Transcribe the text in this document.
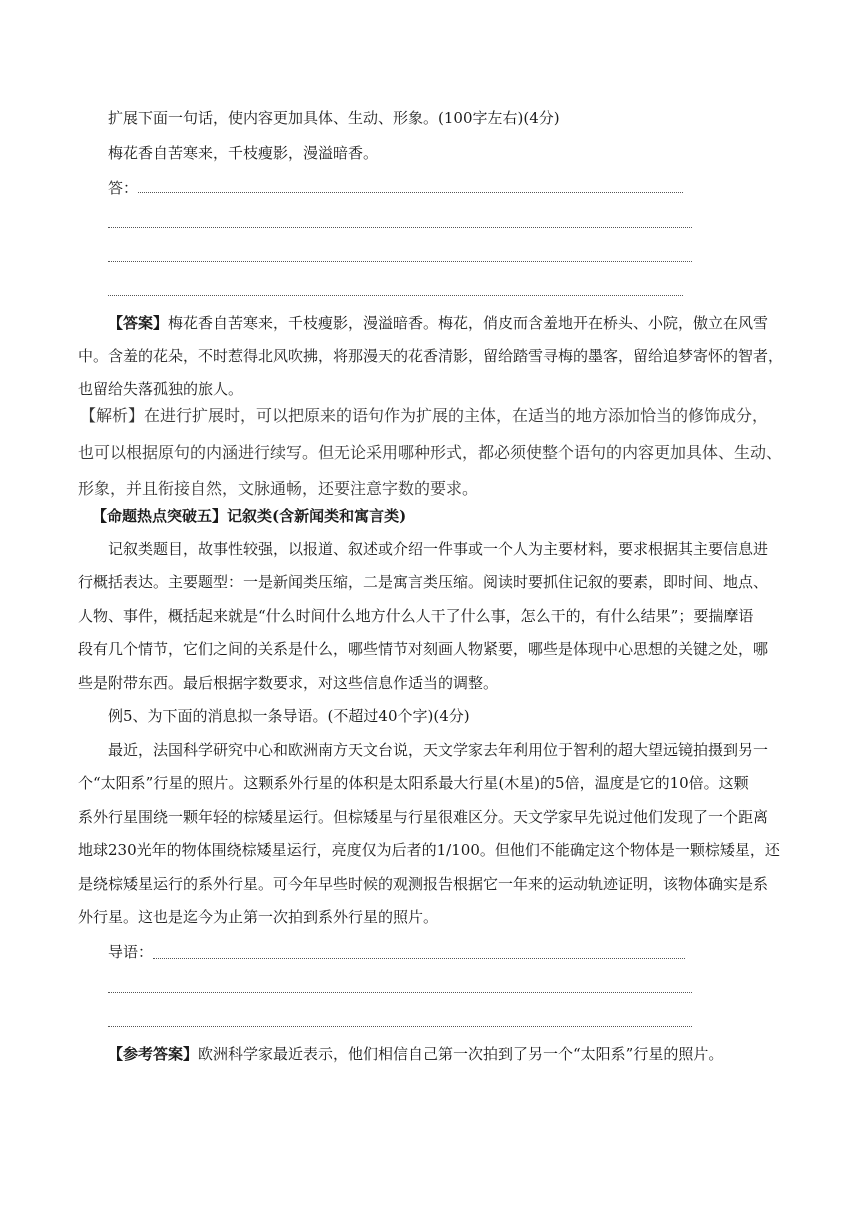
扩展下面一句话，使内容更加具体、生动、形象。(100字左右)(4分)
梅花香自苦寒来，千枝瘦影，漫溢暗香。
答：
【答案】梅花香自苦寒来，千枝瘦影，漫溢暗香。梅花，俏皮而含羞地开在桥头、小院，傲立在风雪
中。含羞的花朵，不时惹得北风吹拂，将那漫天的花香清影，留给踏雪寻梅的墨客，留给追梦寄怀的智者，
也留给失落孤独的旅人。
【解析】在进行扩展时，可以把原来的语句作为扩展的主体，在适当的地方添加恰当的修饰成分，
也可以根据原句的内涵进行续写。但无论采用哪种形式，都必须使整个语句的内容更加具体、生动、
形象，并且衔接自然，文脉通畅，还要注意字数的要求。
【命题热点突破五】记叙类(含新闻类和寓言类)
记叙类题目，故事性较强，以报道、叙述或介绍一件事或一个人为主要材料，要求根据其主要信息进
行概括表达。主要题型：一是新闻类压缩，二是寓言类压缩。阅读时要抓住记叙的要素，即时间、地点、
人物、事件，概括起来就是“什么时间什么地方什么人干了什么事，怎么干的，有什么结果”；要揣摩语
段有几个情节，它们之间的关系是什么，哪些情节对刻画人物紧要，哪些是体现中心思想的关键之处，哪
些是附带东西。最后根据字数要求，对这些信息作适当的调整。
例5、为下面的消息拟一条导语。(不超过40个字)(4分)
最近，法国科学研究中心和欧洲南方天文台说，天文学家去年利用位于智利的超大望远镜拍摄到另一
个“太阳系”行星的照片。这颗系外行星的体积是太阳系最大行星(木星)的5倍，温度是它的10倍。这颗
系外行星围绕一颗年轻的棕矮星运行。但棕矮星与行星很难区分。天文学家早先说过他们发现了一个距离
地球230光年的物体围绕棕矮星运行，亮度仅为后者的1/100。但他们不能确定这个物体是一颗棕矮星，还
是绕棕矮星运行的系外行星。可今年早些时候的观测报告根据它一年来的运动轨迹证明，该物体确实是系
外行星。这也是迄今为止第一次拍到系外行星的照片。
导语：
【参考答案】欧洲科学家最近表示，他们相信自己第一次拍到了另一个“太阳系”行星的照片。
